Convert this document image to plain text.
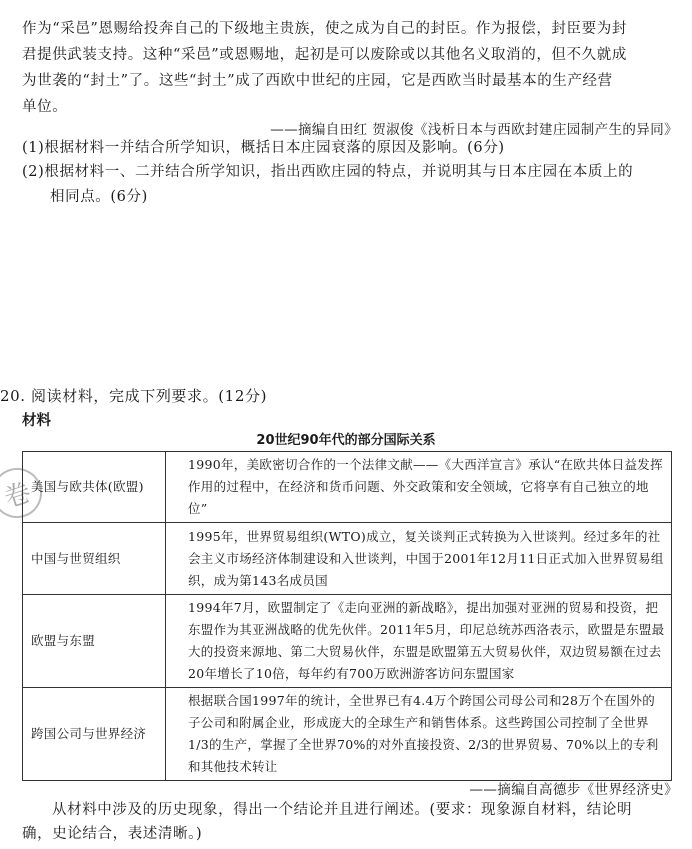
作为“采邑”恩赐给投奔自己的下级地主贵族，使之成为自己的封臣。作为报偿，封臣要为封
君提供武装支持。这种“采邑”或恩赐地，起初是可以废除或以其他名义取消的，但不久就成
为世袭的“封土”了。这些“封土”成了西欧中世纪的庄园，它是西欧当时最基本的生产经营
单位。
——摘编自田红 贺淑俊《浅析日本与西欧封建庄园制产生的异同》
(1)根据材料一并结合所学知识，概括日本庄园衰落的原因及影响。(6分)
(2)根据材料一、二并结合所学知识，指出西欧庄园的特点，并说明其与日本庄园在本质上的
相同点。(6分)
20. 阅读材料，完成下列要求。(12分)
材料
20世纪90年代的部分国际关系
卷
美国与欧共体(欧盟)	1990年，美欧密切合作的一个法律文献——《大西洋宣言》承认“在欧共体日益发挥作用的过程中，在经济和货币问题、外交政策和安全领域，它将享有自己独立的地位”
中国与世贸组织	1995年，世界贸易组织(WTO)成立，复关谈判正式转换为入世谈判。经过多年的社会主义市场经济体制建设和入世谈判，中国于2001年12月11日正式加入世界贸易组织，成为第143名成员国
欧盟与东盟	1994年7月，欧盟制定了《走向亚洲的新战略》，提出加强对亚洲的贸易和投资，把东盟作为其亚洲战略的优先伙伴。2011年5月，印尼总统苏西洛表示，欧盟是东盟最大的投资来源地、第二大贸易伙伴，东盟是欧盟第五大贸易伙伴，双边贸易额在过去20年增长了10倍，每年约有700万欧洲游客访问东盟国家
跨国公司与世界经济	根据联合国1997年的统计，全世界已有4.4万个跨国公司母公司和28万个在国外的子公司和附属企业，形成庞大的全球生产和销售体系。这些跨国公司控制了全世界1/3的生产，掌握了全世界70%的对外直接投资、2/3的世界贸易、70%以上的专利和其他技术转让
——摘编自高德步《世界经济史》
从材料中涉及的历史现象，得出一个结论并且进行阐述。(要求：现象源自材料，结论明
确，史论结合，表述清晰。)
